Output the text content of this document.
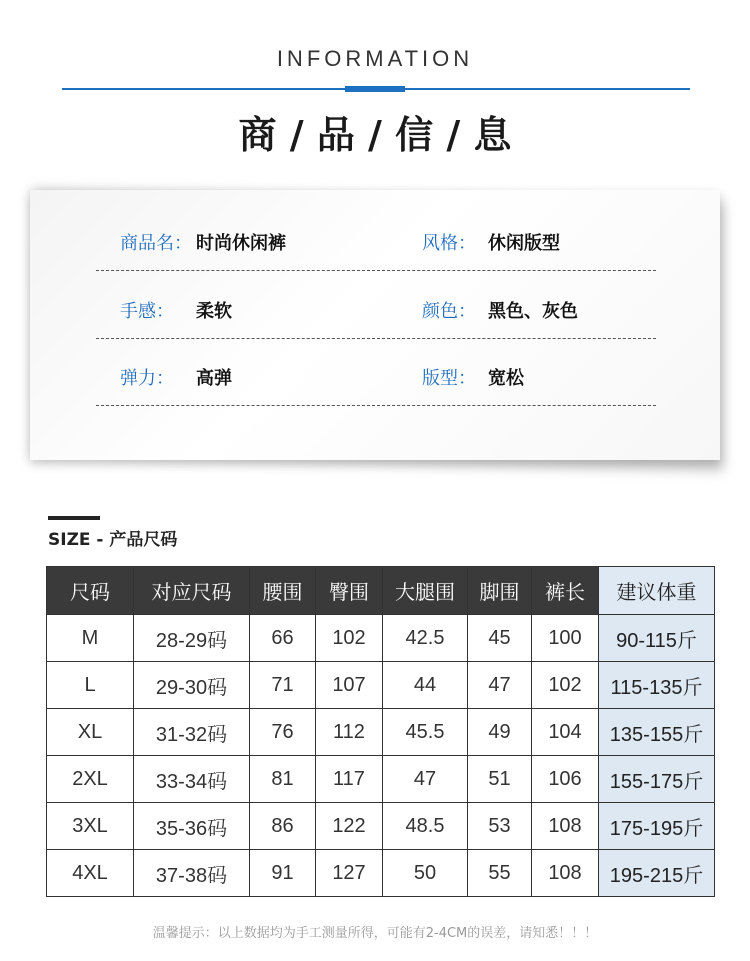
INFORMATION
商 / 品 / 信 / 息
商品名： 时尚休闲裤	风格： 休闲版型
手感： 柔软	颜色： 黑色、灰色
弹力： 高弹	版型： 宽松
SIZE - 产品尺码
尺码	对应尺码	腰围	臀围	大腿围	脚围	裤长	建议体重
M	28-29码	66	102	42.5	45	100	90-115斤
L	29-30码	71	107	44	47	102	115-135斤
XL	31-32码	76	112	45.5	49	104	135-155斤
2XL	33-34码	81	117	47	51	106	155-175斤
3XL	35-36码	86	122	48.5	53	108	175-195斤
4XL	37-38码	91	127	50	55	108	195-215斤
温馨提示：以上数据均为手工测量所得，可能有2-4CM的误差，请知悉！！！
